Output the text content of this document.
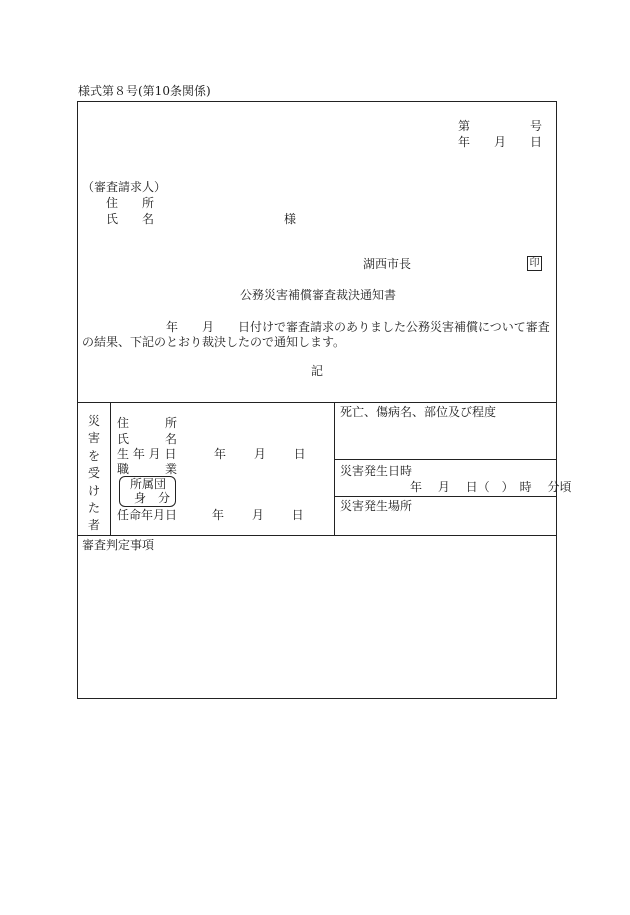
様式第８号(第10条関係)
第　　　　　号
年　　月　　日
（審査請求人）
住　　所
氏　　名	様
湖西市長	印
公務災害補償審査裁決通知書
年　　月　　日付けで審査請求のありました公務災害補償について審査
の結果、下記のとおり裁決したので通知します。
記
災害を受けた者
住　　　所
氏　　　名
生 年 月 日	年　　 月　　 日
職　　　業
所属団
身　分
任命年月日	年　　 月　　 日
死亡、傷病名、部位及び程度
災害発生日時
年　 月　 日（　）　時　 分頃
災害発生場所
審査判定事項
